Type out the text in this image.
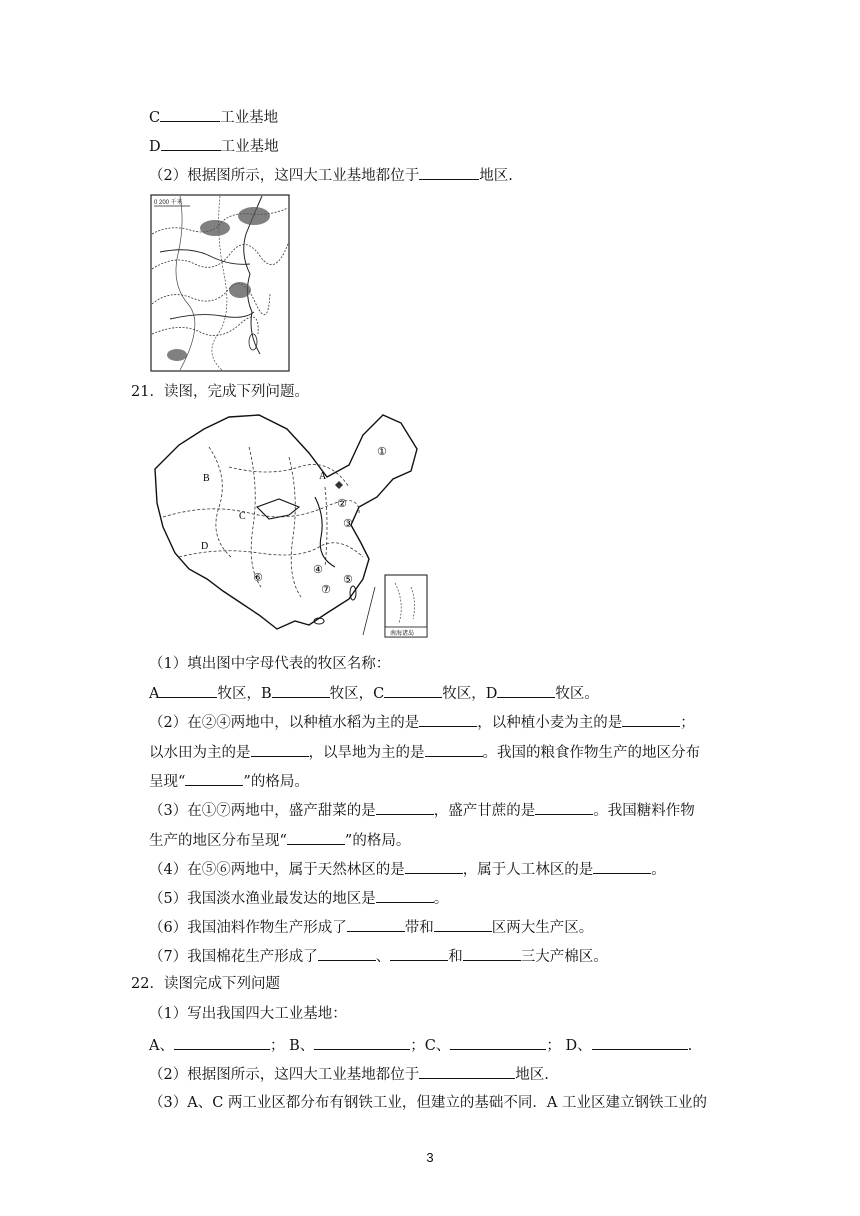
C	工业基地
D	工业基地
（2）根据图所示，这四大工业基地都位于	地区.
0 200 千米
21．读图，完成下列问题。
A
B
C
D
①
②
③
④
⑤
⑥
⑦
南海诸岛
（1）填出图中字母代表的牧区名称：
A	牧区，B	牧区，C	牧区，D	牧区。
（2）在②④两地中，以种植水稻为主的是	，以种植小麦为主的是	；
以水田为主的是	，以旱地为主的是	。我国的粮食作物生产的地区分布
呈现“	”的格局。
（3）在①⑦两地中，盛产甜菜的是	，盛产甘蔗的是	。我国糖料作物
生产的地区分布呈现“	”的格局。
（4）在⑤⑥两地中，属于天然林区的是	，属于人工林区的是	。
（5）我国淡水渔业最发达的地区是	。
（6）我国油料作物生产形成了	带和	区两大生产区。
（7）我国棉花生产形成了	、	和	三大产棉区。
22．读图完成下列问题
（1）写出我国四大工业基地：
A、	； B、	；C、	； D、	.
（2）根据图所示，这四大工业基地都位于	地区.
（3）A、C 两工业区都分布有钢铁工业，但建立的基础不同．A 工业区建立钢铁工业的
3
